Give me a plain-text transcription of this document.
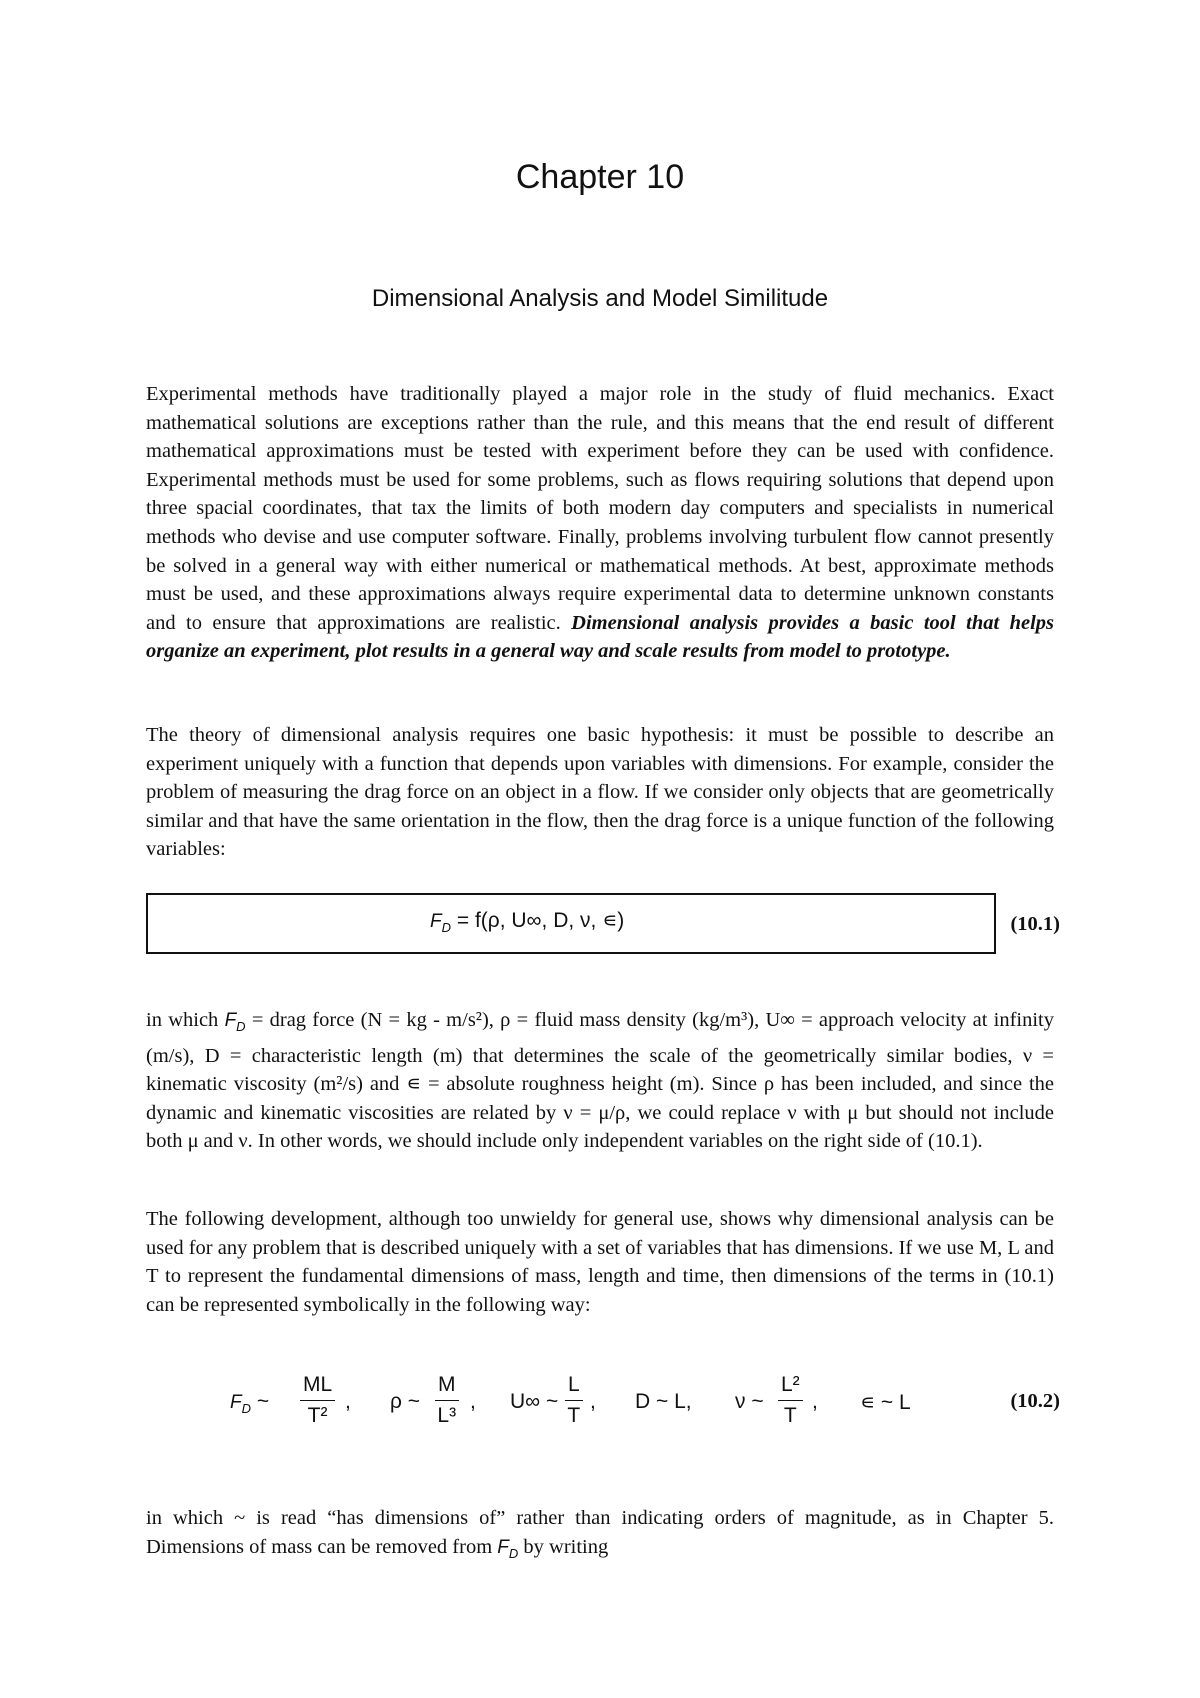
Chapter 10
Dimensional Analysis and Model Similitude

Experimental methods have traditionally played a major role in the study of fluid mechanics. Exact mathematical solutions are exceptions rather than the rule, and this means that the end result of different mathematical approximations must be tested with experiment before they can be used with confidence. Experimental methods must be used for some problems, such as flows requiring solutions that depend upon three spacial coordinates, that tax the limits of both modern day computers and specialists in numerical methods who devise and use computer software. Finally, problems involving turbulent flow cannot presently be solved in a general way with either numerical or mathematical methods. At best, approximate methods must be used, and these approximations always require experimental data to determine unknown constants and to ensure that approximations are realistic. Dimensional analysis provides a basic tool that helps organize an experiment, plot results in a general way and scale results from model to prototype.

The theory of dimensional analysis requires one basic hypothesis: it must be possible to describe an experiment uniquely with a function that depends upon variables with dimensions. For example, consider the problem of measuring the drag force on an object in a flow. If we consider only objects that are geometrically similar and that have the same orientation in the flow, then the drag force is a unique function of the following variables:

$F_D = f(\rho$, U∞, D, ν, ∊)	(10.1)

in which $F_D$ = drag force (N = kg - m/s²), ρ = fluid mass density (kg/m³), U∞ = approach velocity at infinity (m/s), D = characteristic length (m) that determines the scale of the geometrically similar bodies, ν = kinematic viscosity (m²/s) and ∊ = absolute roughness height (m). Since ρ has been included, and since the dynamic and kinematic viscosities are related by ν = μ/ρ, we could replace ν with μ but should not include both μ and ν. In other words, we should include only independent variables on the right side of (10.1).

The following development, although too unwieldy for general use, shows why dimensional analysis can be used for any problem that is described uniquely with a set of variables that has dimensions. If we use M, L and T to represent the fundamental dimensions of mass, length and time, then dimensions of the terms in (10.1) can be represented symbolically in the following way:

$F_D$ ~ $\frac{ML}{\text{T²}}$ , ρ ~ $\frac{M}{\text{L³}}$ , U∞ ~ $\frac{L}{T}$ , D ~ L, ν ~ $\frac{\text{L²}}{T}$ , ∊ ~ L	(10.2)

in which ~ is read “has dimensions of” rather than indicating orders of magnitude, as in Chapter 5. Dimensions of mass can be removed from $F_D$ by writing
